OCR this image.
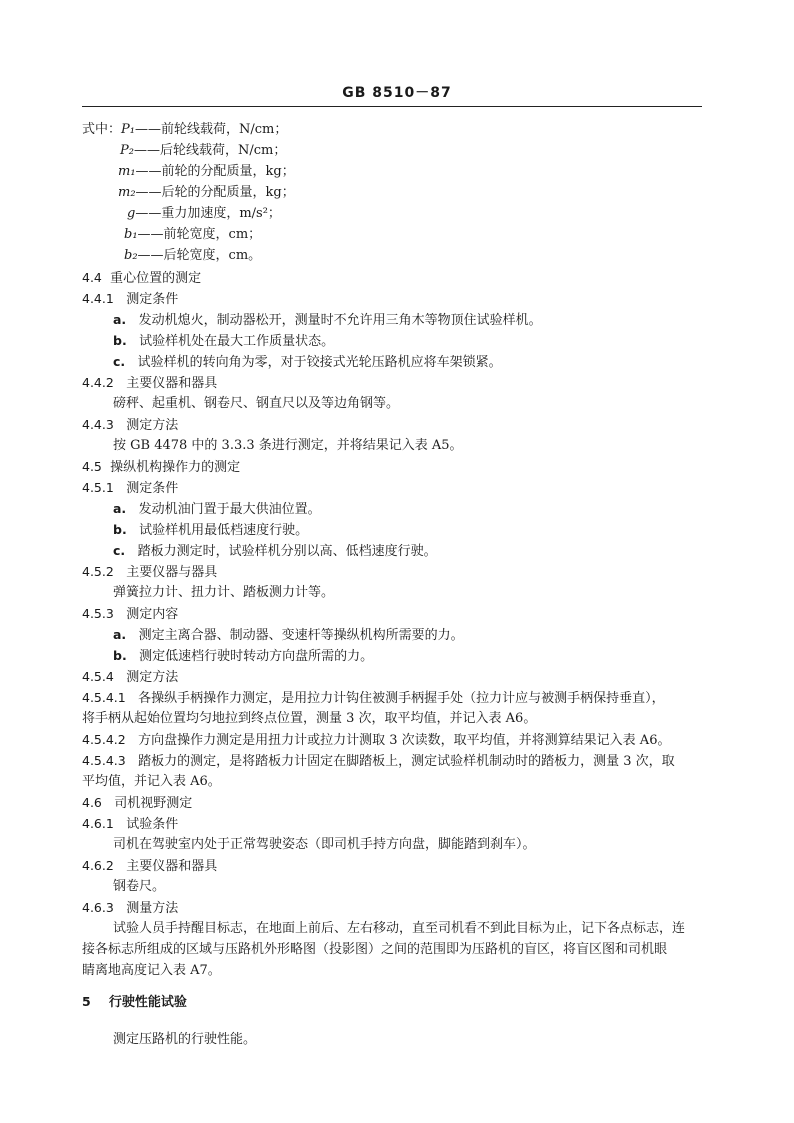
GB 8510－87
式中：P₁——前轮线载荷，N/cm；
P₂——后轮线载荷，N/cm；
m₁——前轮的分配质量，kg；
m₂——后轮的分配质量，kg；
g——重力加速度，m/s²；
b₁——前轮宽度，cm；
b₂——后轮宽度，cm。
4.4 重心位置的测定
4.4.1 测定条件
a. 发动机熄火，制动器松开，测量时不允许用三角木等物顶住试验样机。
b. 试验样机处在最大工作质量状态。
c. 试验样机的转向角为零，对于铰接式光轮压路机应将车架锁紧。
4.4.2 主要仪器和器具
磅秤、起重机、钢卷尺、钢直尺以及等边角钢等。
4.4.3 测定方法
按 GB 4478 中的 3.3.3 条进行测定，并将结果记入表 A5。
4.5 操纵机构操作力的测定
4.5.1 测定条件
a. 发动机油门置于最大供油位置。
b. 试验样机用最低档速度行驶。
c. 踏板力测定时，试验样机分别以高、低档速度行驶。
4.5.2 主要仪器与器具
弹簧拉力计、扭力计、踏板测力计等。
4.5.3 测定内容
a. 测定主离合器、制动器、变速杆等操纵机构所需要的力。
b. 测定低速档行驶时转动方向盘所需的力。
4.5.4 测定方法
4.5.4.1 各操纵手柄操作力测定，是用拉力计钩住被测手柄握手处（拉力计应与被测手柄保持垂直），
将手柄从起始位置均匀地拉到终点位置，测量 3 次，取平均值，并记入表 A6。
4.5.4.2 方向盘操作力测定是用扭力计或拉力计测取 3 次读数，取平均值，并将测算结果记入表 A6。
4.5.4.3 踏板力的测定，是将踏板力计固定在脚踏板上，测定试验样机制动时的踏板力，测量 3 次，取
平均值，并记入表 A6。
4.6 司机视野测定
4.6.1 试验条件
司机在驾驶室内处于正常驾驶姿态（即司机手持方向盘，脚能踏到刹车）。
4.6.2 主要仪器和器具
钢卷尺。
4.6.3 测量方法
试验人员手持醒目标志，在地面上前后、左右移动，直至司机看不到此目标为止，记下各点标志，连
接各标志所组成的区域与压路机外形略图（投影图）之间的范围即为压路机的盲区，将盲区图和司机眼
睛离地高度记入表 A7。
5 行驶性能试验
测定压路机的行驶性能。
